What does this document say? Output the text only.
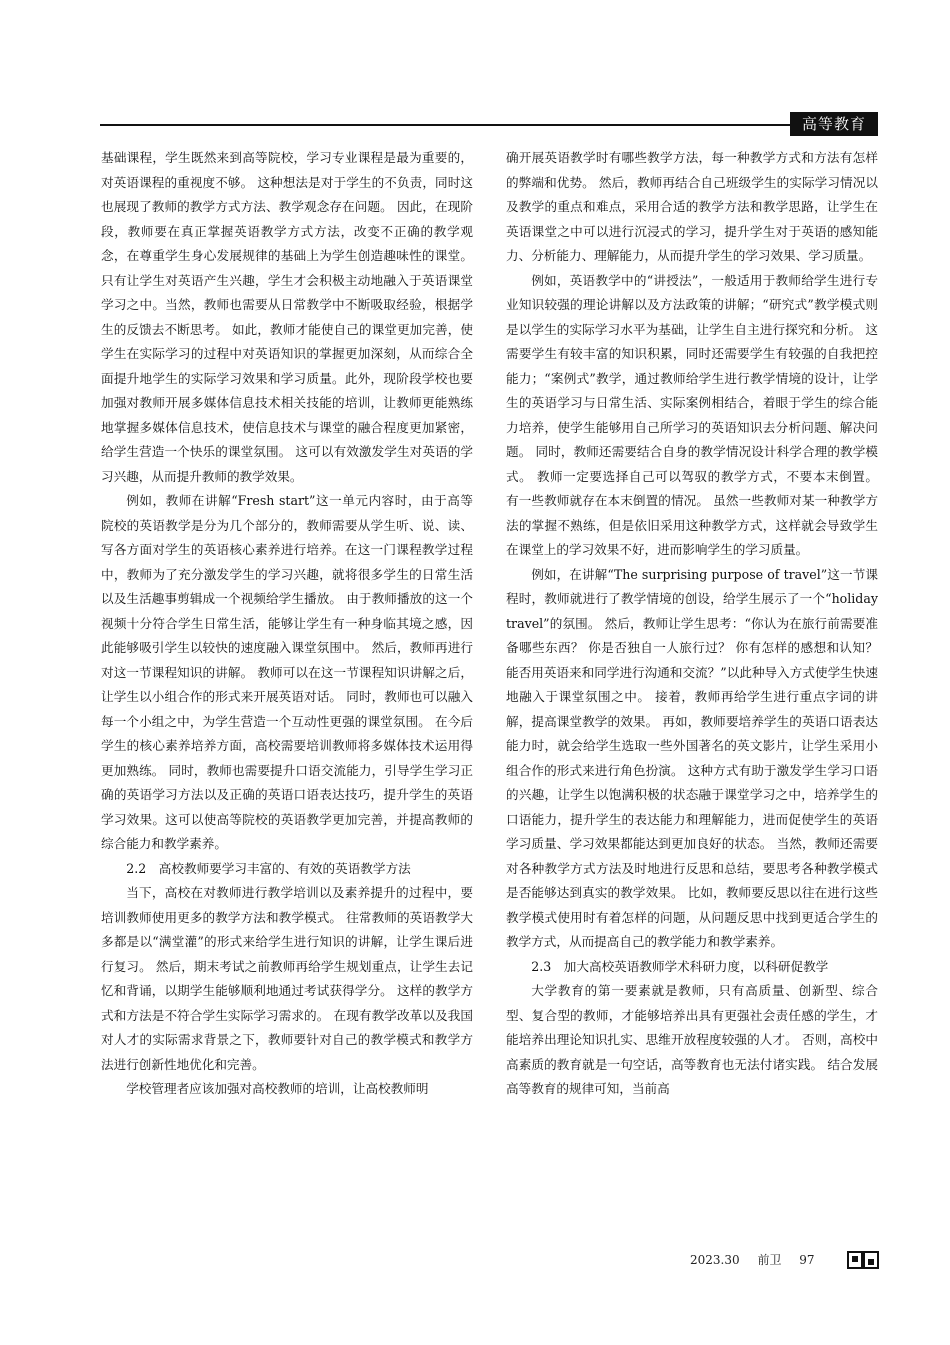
高等教育

基础课程，学生既然来到高等院校，学习专业课程是最为重要的，对英语课程的重视度不够。 这种想法是对于学生的不负责，同时这也展现了教师的教学方式方法、教学观念存在问题。 因此，在现阶段，教师要在真正掌握英语教学方式方法，改变不正确的教学观念，在尊重学生身心发展规律的基础上为学生创造趣味性的课堂。 只有让学生对英语产生兴趣，学生才会积极主动地融入于英语课堂学习之中。当然，教师也需要从日常教学中不断吸取经验，根据学生的反馈去不断思考。 如此，教师才能使自己的课堂更加完善，使学生在实际学习的过程中对英语知识的掌握更加深刻，从而综合全面提升地学生的实际学习效果和学习质量。此外，现阶段学校也要加强对教师开展多媒体信息技术相关技能的培训，让教师更能熟练地掌握多媒体信息技术，使信息技术与课堂的融合程度更加紧密，给学生营造一个快乐的课堂氛围。 这可以有效激发学生对英语的学习兴趣，从而提升教师的教学效果。

例如，教师在讲解“Fresh start”这一单元内容时，由于高等院校的英语教学是分为几个部分的，教师需要从学生听、说、读、写各方面对学生的英语核心素养进行培养。在这一门课程教学过程中，教师为了充分激发学生的学习兴趣，就将很多学生的日常生活以及生活趣事剪辑成一个视频给学生播放。 由于教师播放的这一个视频十分符合学生日常生活，能够让学生有一种身临其境之感，因此能够吸引学生以较快的速度融入课堂氛围中。 然后，教师再进行对这一节课程知识的讲解。 教师可以在这一节课程知识讲解之后，让学生以小组合作的形式来开展英语对话。 同时，教师也可以融入每一个小组之中，为学生营造一个互动性更强的课堂氛围。 在今后学生的核心素养培养方面，高校需要培训教师将多媒体技术运用得更加熟练。 同时，教师也需要提升口语交流能力，引导学生学习正确的英语学习方法以及正确的英语口语表达技巧，提升学生的英语学习效果。这可以使高等院校的英语教学更加完善，并提高教师的综合能力和教学素养。

2.2　高校教师要学习丰富的、有效的英语教学方法

当下，高校在对教师进行教学培训以及素养提升的过程中，要培训教师使用更多的教学方法和教学模式。 往常教师的英语教学大多都是以“满堂灌”的形式来给学生进行知识的讲解，让学生课后进行复习。 然后，期末考试之前教师再给学生规划重点，让学生去记忆和背诵，以期学生能够顺利地通过考试获得学分。 这样的教学方式和方法是不符合学生实际学习需求的。 在现有教学改革以及我国对人才的实际需求背景之下，教师要针对自己的教学模式和教学方法进行创新性地优化和完善。

学校管理者应该加强对高校教师的培训，让高校教师明

确开展英语教学时有哪些教学方法，每一种教学方式和方法有怎样的弊端和优势。 然后，教师再结合自己班级学生的实际学习情况以及教学的重点和难点，采用合适的教学方法和教学思路，让学生在英语课堂之中可以进行沉浸式的学习，提升学生对于英语的感知能力、分析能力、理解能力，从而提升学生的学习效果、学习质量。

例如，英语教学中的“讲授法”，一般适用于教师给学生进行专业知识较强的理论讲解以及方法政策的讲解；“研究式”教学模式则是以学生的实际学习水平为基础，让学生自主进行探究和分析。 这需要学生有较丰富的知识积累，同时还需要学生有较强的自我把控能力；“案例式”教学，通过教师给学生进行教学情境的设计，让学生的英语学习与日常生活、实际案例相结合，着眼于学生的综合能力培养，使学生能够用自己所学习的英语知识去分析问题、解决问题。 同时，教师还需要结合自身的教学情况设计科学合理的教学模式。 教师一定要选择自己可以驾驭的教学方式，不要本末倒置。 有一些教师就存在本末倒置的情况。 虽然一些教师对某一种教学方法的掌握不熟练，但是依旧采用这种教学方式，这样就会导致学生在课堂上的学习效果不好，进而影响学生的学习质量。

例如，在讲解“The surprising purpose of travel”这一节课程时，教师就进行了教学情境的创设，给学生展示了一个“holiday travel”的氛围。 然后，教师让学生思考：“你认为在旅行前需要准备哪些东西？ 你是否独自一人旅行过？ 你有怎样的感想和认知？ 能否用英语来和同学进行沟通和交流？”以此种导入方式使学生快速地融入于课堂氛围之中。 接着，教师再给学生进行重点字词的讲解，提高课堂教学的效果。 再如，教师要培养学生的英语口语表达能力时，就会给学生选取一些外国著名的英文影片，让学生采用小组合作的形式来进行角色扮演。 这种方式有助于激发学生学习口语的兴趣，让学生以饱满积极的状态融于课堂学习之中，培养学生的口语能力，提升学生的表达能力和理解能力，进而促使学生的英语学习质量、学习效果都能达到更加良好的状态。 当然，教师还需要对各种教学方式方法及时地进行反思和总结，要思考各种教学模式是否能够达到真实的教学效果。 比如，教师要反思以往在进行这些教学模式使用时有着怎样的问题，从问题反思中找到更适合学生的教学方式，从而提高自己的教学能力和教学素养。

2.3　加大高校英语教师学术科研力度，以科研促教学

大学教育的第一要素就是教师，只有高质量、创新型、综合型、复合型的教师，才能够培养出具有更强社会责任感的学生，才能培养出理论知识扎实、思维开放程度较强的人才。 否则，高校中高素质的教育就是一句空话，高等教育也无法付诸实践。 结合发展高等教育的规律可知，当前高

2023.30 前卫 97
